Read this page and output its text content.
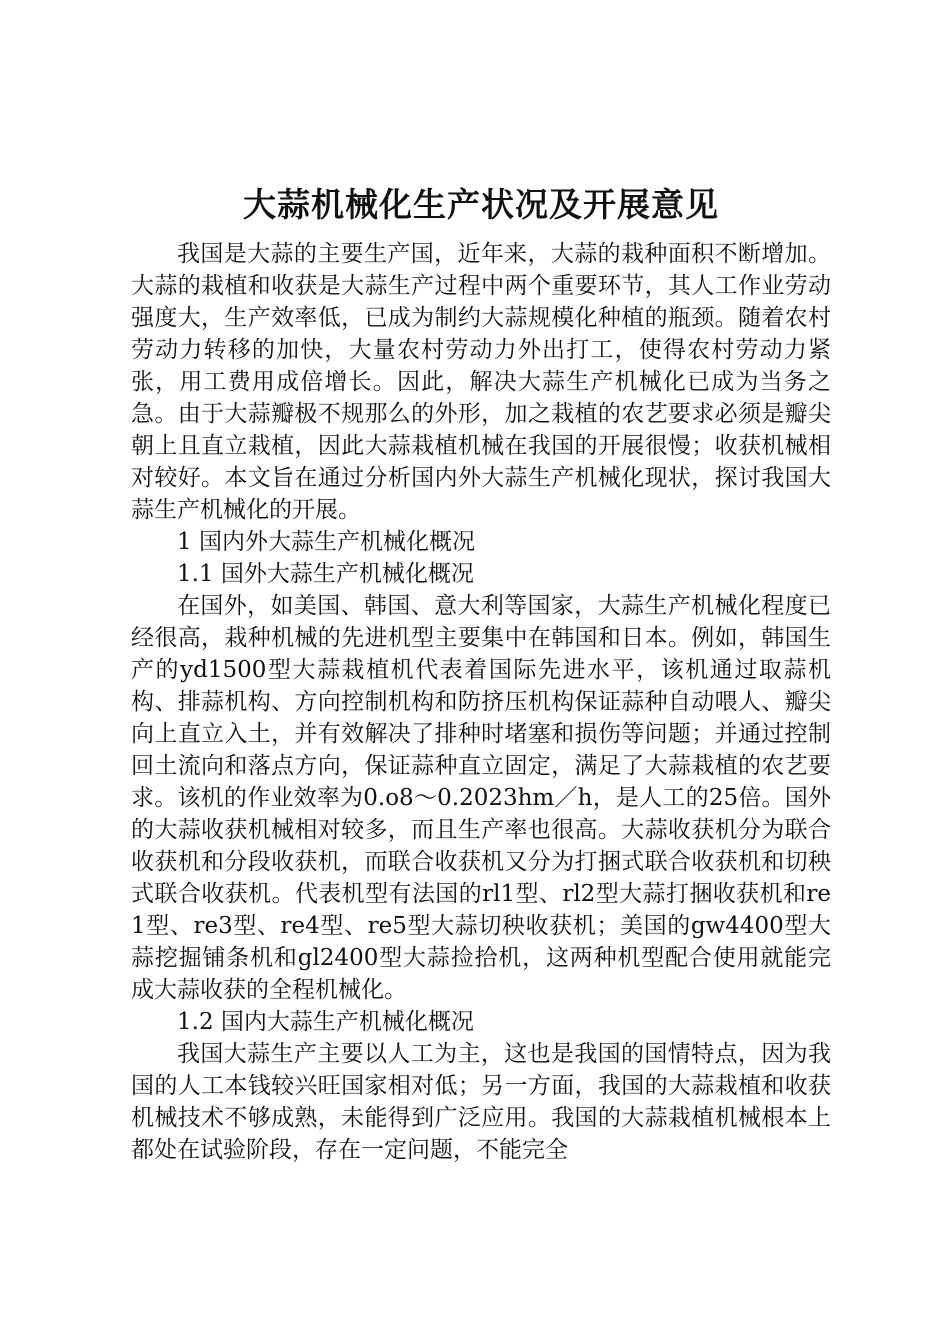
大蒜机械化生产状况及开展意见

我国是大蒜的主要生产国，近年来，大蒜的栽种面积不断增加。大蒜的栽植和收获是大蒜生产过程中两个重要环节，其人工作业劳动强度大，生产效率低，已成为制约大蒜规模化种植的瓶颈。随着农村劳动力转移的加快，大量农村劳动力外出打工，使得农村劳动力紧张，用工费用成倍增长。因此，解决大蒜生产机械化已成为当务之急。由于大蒜瓣极不规那么的外形，加之栽植的农艺要求必须是瓣尖朝上且直立栽植，因此大蒜栽植机械在我国的开展很慢；收获机械相对较好。本文旨在通过分析国内外大蒜生产机械化现状，探讨我国大蒜生产机械化的开展。

1 国内外大蒜生产机械化概况

1.1 国外大蒜生产机械化概况

在国外，如美国、韩国、意大利等国家，大蒜生产机械化程度已经很高，栽种机械的先进机型主要集中在韩国和日本。例如，韩国生产的yd1500型大蒜栽植机代表着国际先进水平，该机通过取蒜机构、排蒜机构、方向控制机构和防挤压机构保证蒜种自动喂人、瓣尖向上直立入土，并有效解决了排种时堵塞和损伤等问题；并通过控制回土流向和落点方向，保证蒜种直立固定，满足了大蒜栽植的农艺要求。该机的作业效率为0.o8～0.2023hm／h，是人工的25倍。国外的大蒜收获机械相对较多，而且生产率也很高。大蒜收获机分为联合收获机和分段收获机，而联合收获机又分为打捆式联合收获机和切秧式联合收获机。代表机型有法国的rl1型、rl2型大蒜打捆收获机和re1型、re3型、re4型、re5型大蒜切秧收获机；美国的gw4400型大蒜挖掘铺条机和gl2400型大蒜捡拾机，这两种机型配合使用就能完成大蒜收获的全程机械化。

1.2 国内大蒜生产机械化概况

我国大蒜生产主要以人工为主，这也是我国的国情特点，因为我国的人工本钱较兴旺国家相对低；另一方面，我国的大蒜栽植和收获机械技术不够成熟，未能得到广泛应用。我国的大蒜栽植机械根本上都处在试验阶段，存在一定问题，不能完全
